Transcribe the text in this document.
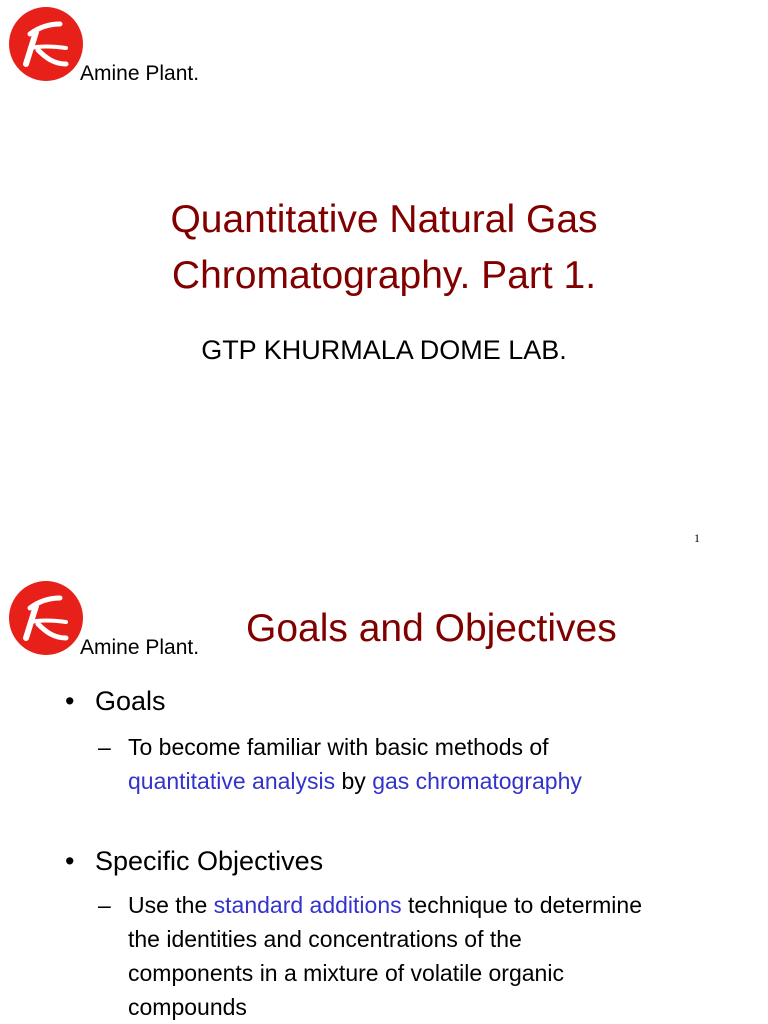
Amine Plant.
Quantitative Natural Gas
Chromatography. Part 1.
GTP KHURMALA DOME LAB.
1
Amine Plant. Goals and Objectives
• Goals
– To become familiar with basic methods of
quantitative analysis by gas chromatography
• Specific Objectives
– Use the standard additions technique to determine
the identities and concentrations of the
components in a mixture of volatile organic
compounds
